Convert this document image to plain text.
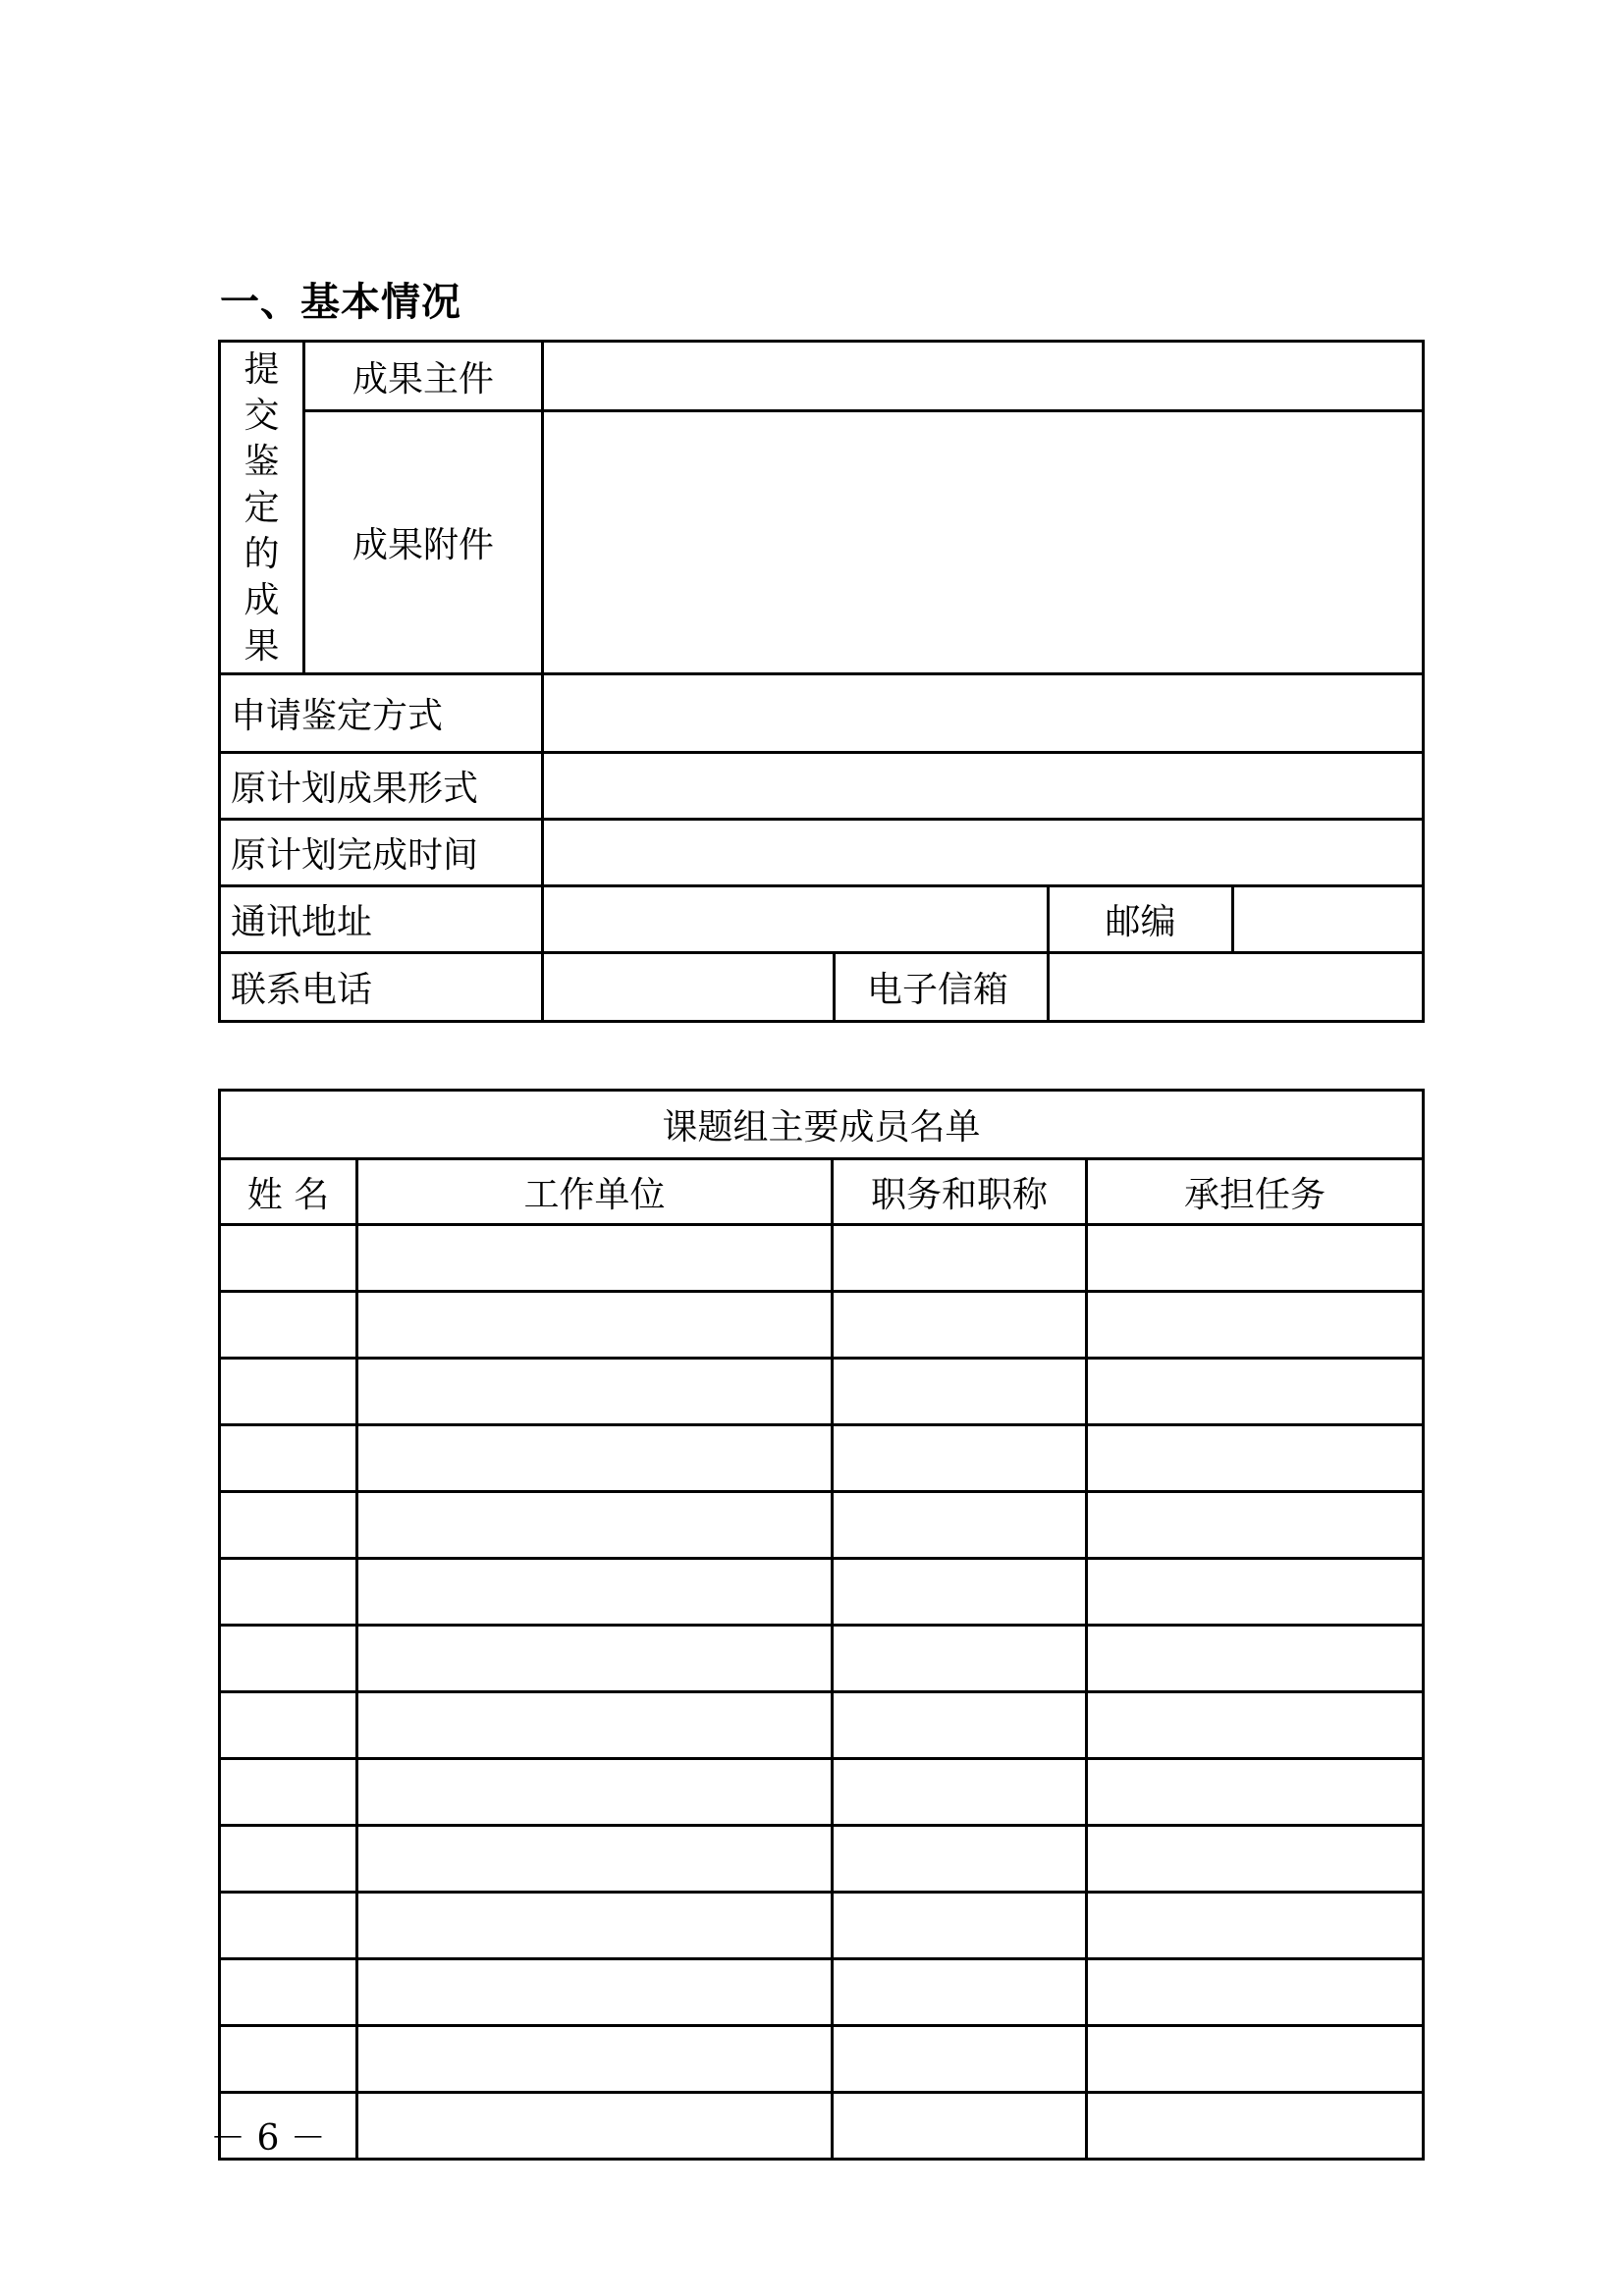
一、基本情况
提交鉴定的成果	成果主件				
	成果附件				
申请鉴定方式					
原计划成果形式					
原计划完成时间					
通讯地址				邮编	
联系电话			电子信箱		
课题组主要成员名单			
姓 名	工作单位	职务和职称	承担任务

－ 6 －
